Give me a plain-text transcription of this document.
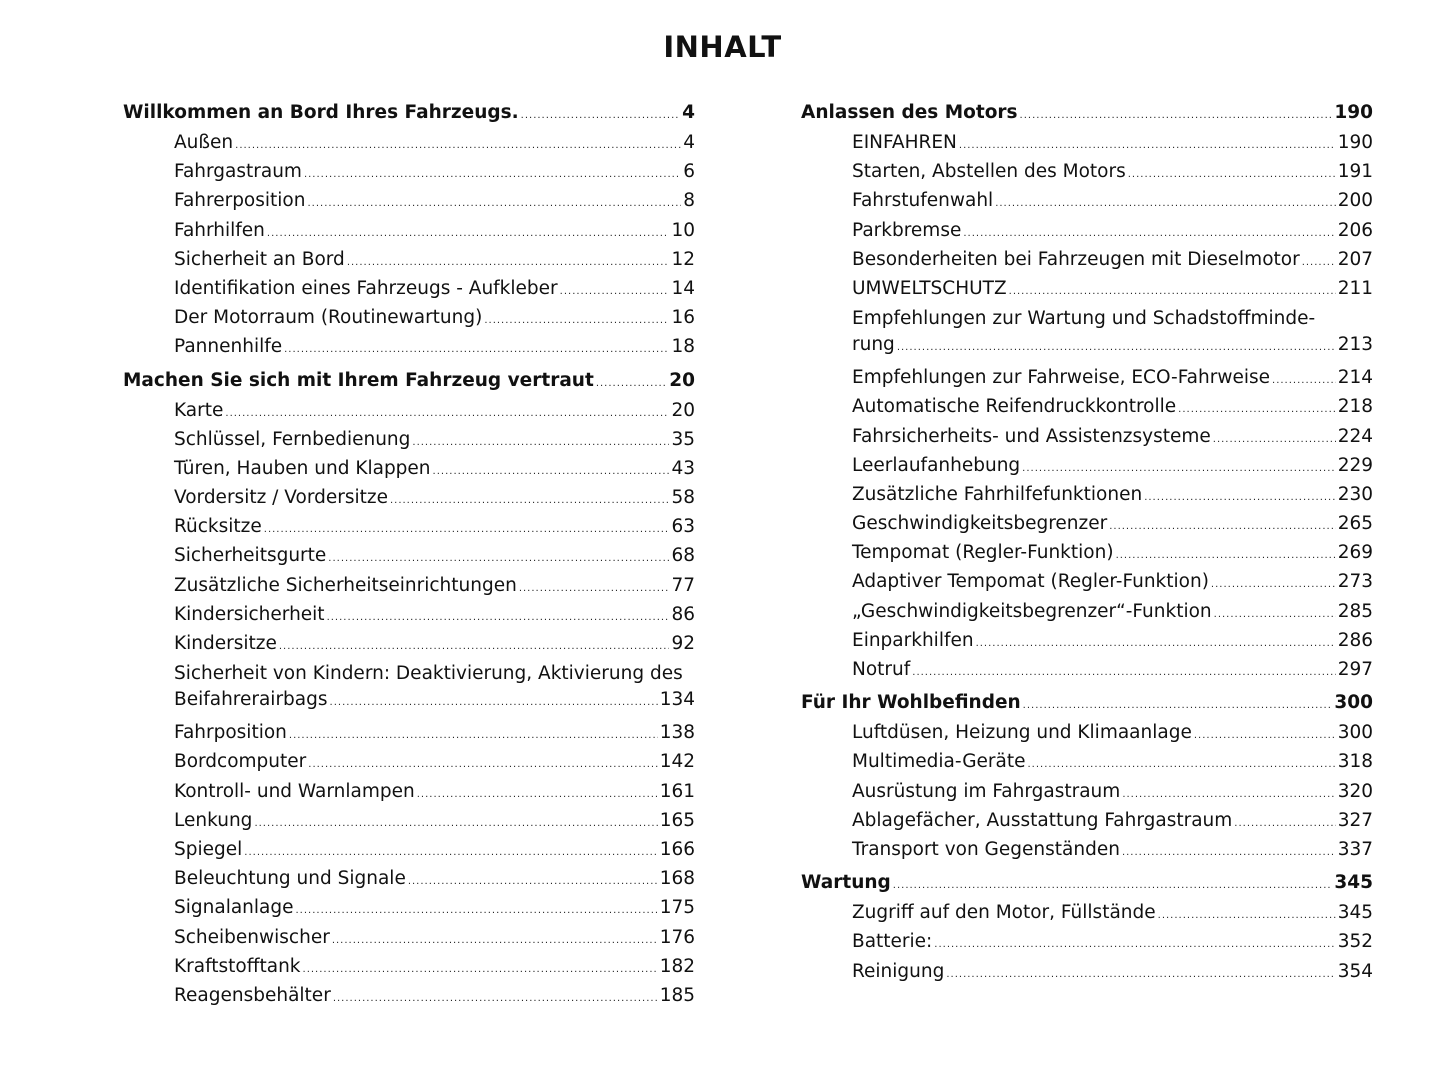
INHALT
Willkommen an Bord Ihres Fahrzeugs. .....	4
Außen .....	4
Fahrgastraum .....	6
Fahrerposition .....	8
Fahrhilfen .....	10
Sicherheit an Bord .....	12
Identifikation eines Fahrzeugs - Aufkleber .....	14
Der Motorraum (Routinewartung) .....	16
Pannenhilfe .....	18
Machen Sie sich mit Ihrem Fahrzeug vertraut .....	20
Karte .....	20
Schlüssel, Fernbedienung .....	35
Türen, Hauben und Klappen .....	43
Vordersitz / Vordersitze .....	58
Rücksitze .....	63
Sicherheitsgurte .....	68
Zusätzliche Sicherheitseinrichtungen .....	77
Kindersicherheit .....	86
Kindersitze .....	92
Sicherheit von Kindern: Deaktivierung, Aktivierung des
Beifahrerairbags .....	134
Fahrposition .....	138
Bordcomputer .....	142
Kontroll- und Warnlampen .....	161
Lenkung .....	165
Spiegel .....	166
Beleuchtung und Signale .....	168
Signalanlage .....	175
Scheibenwischer .....	176
Kraftstofftank .....	182
Reagensbehälter .....	185
Anlassen des Motors .....	190
EINFAHREN .....	190
Starten, Abstellen des Motors .....	191
Fahrstufenwahl .....	200
Parkbremse .....	206
Besonderheiten bei Fahrzeugen mit Dieselmotor ..... 207
UMWELTSCHUTZ .....	211
Empfehlungen zur Wartung und Schadstoffminde-
rung .....	213
Empfehlungen zur Fahrweise, ECO-Fahrweise .....	214
Automatische Reifendruckkontrolle .....	218
Fahrsicherheits- und Assistenzsysteme .....	224
Leerlaufanhebung .....	229
Zusätzliche Fahrhilfefunktionen .....	230
Geschwindigkeitsbegrenzer .....	265
Tempomat (Regler-Funktion) .....	269
Adaptiver Tempomat (Regler-Funktion) .....	273
„Geschwindigkeitsbegrenzer“-Funktion .....	285
Einparkhilfen .....	286
Notruf .....	297
Für Ihr Wohlbefinden .....	300
Luftdüsen, Heizung und Klimaanlage .....	300
Multimedia-Geräte .....	318
Ausrüstung im Fahrgastraum .....	320
Ablagefächer, Ausstattung Fahrgastraum .....	327
Transport von Gegenständen .....	337
Wartung .....	345
Zugriff auf den Motor, Füllstände .....	345
Batterie: .....	352
Reinigung .....	354
